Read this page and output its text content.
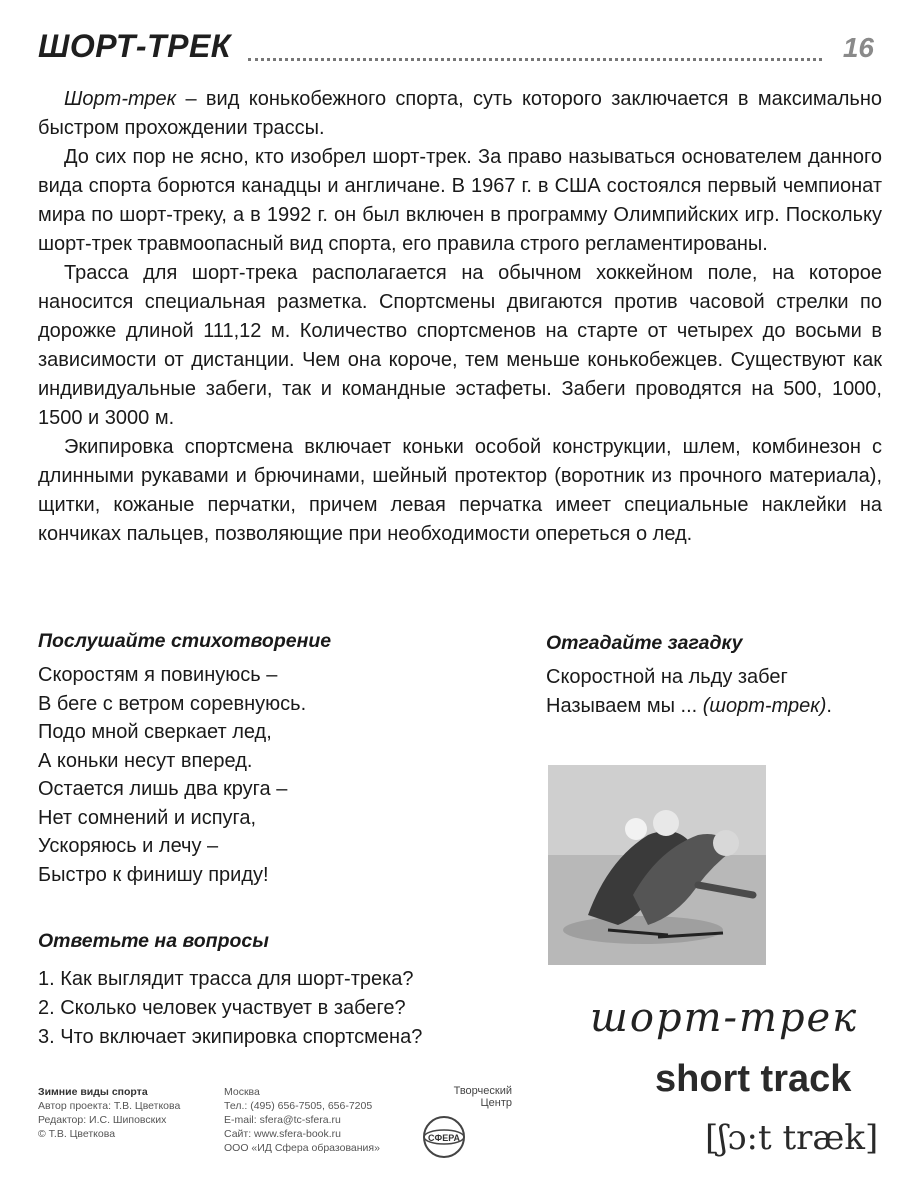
ШОРТ-ТРЕК	16

Шорт-трек – вид конькобежного спорта, суть которого заключается в максимально быстром прохождении трассы.

До сих пор не ясно, кто изобрел шорт-трек. За право называться основателем данного вида спорта борются канадцы и англичане. В 1967 г. в США состоялся первый чемпионат мира по шорт-треку, а в 1992 г. он был включен в программу Олимпийских игр. Поскольку шорт-трек травмоопасный вид спорта, его правила строго регламентированы.

Трасса для шорт-трека располагается на обычном хоккейном поле, на которое наносится специальная разметка. Спортсмены двигаются против часовой стрелки по дорожке длиной 111,12 м. Количество спортсменов на старте от четырех до восьми в зависимости от дистанции. Чем она короче, тем меньше конькобежцев. Существуют как индивидуальные забеги, так и командные эстафеты. Забеги проводятся на 500, 1000, 1500 и 3000 м.

Экипировка спортсмена включает коньки особой конструкции, шлем, комбинезон с длинными рукавами и брючинами, шейный протектор (воротник из прочного материала), щитки, кожаные перчатки, причем левая перчатка имеет специальные наклейки на кончиках пальцев, позволяющие при необходимости опереться о лед.

Послушайте стихотворение
Скоростям я повинуюсь –
В беге с ветром соревнуюсь.
Подо мной сверкает лед,
А коньки несут вперед.
Остается лишь два круга –
Нет сомнений и испуга,
Ускоряюсь и лечу –
Быстро к финишу приду!
Отгадайте загадку
Скоростной на льду забег
Называем мы ... (шорт-трек).
Ответьте на вопросы
1. Как выглядит трасса для шорт-трека?
2. Сколько человек участвует в забеге?
3. Что включает экипировка спортсмена?	шорт-трек
short track
[ʃɔ:t træk]
Зимние виды спорта
Автор проекта: Т.В. Цветкова
Редактор: И.С. Шиповских
© Т.В. Цветкова
Москва
Тел.: (495) 656-7505, 656-7205
E-mail: sfera@tc-sfera.ru
Сайт: www.sfera-book.ru
ООО «ИД Сфера образования»
Творческий
Центр
СФЕРА
